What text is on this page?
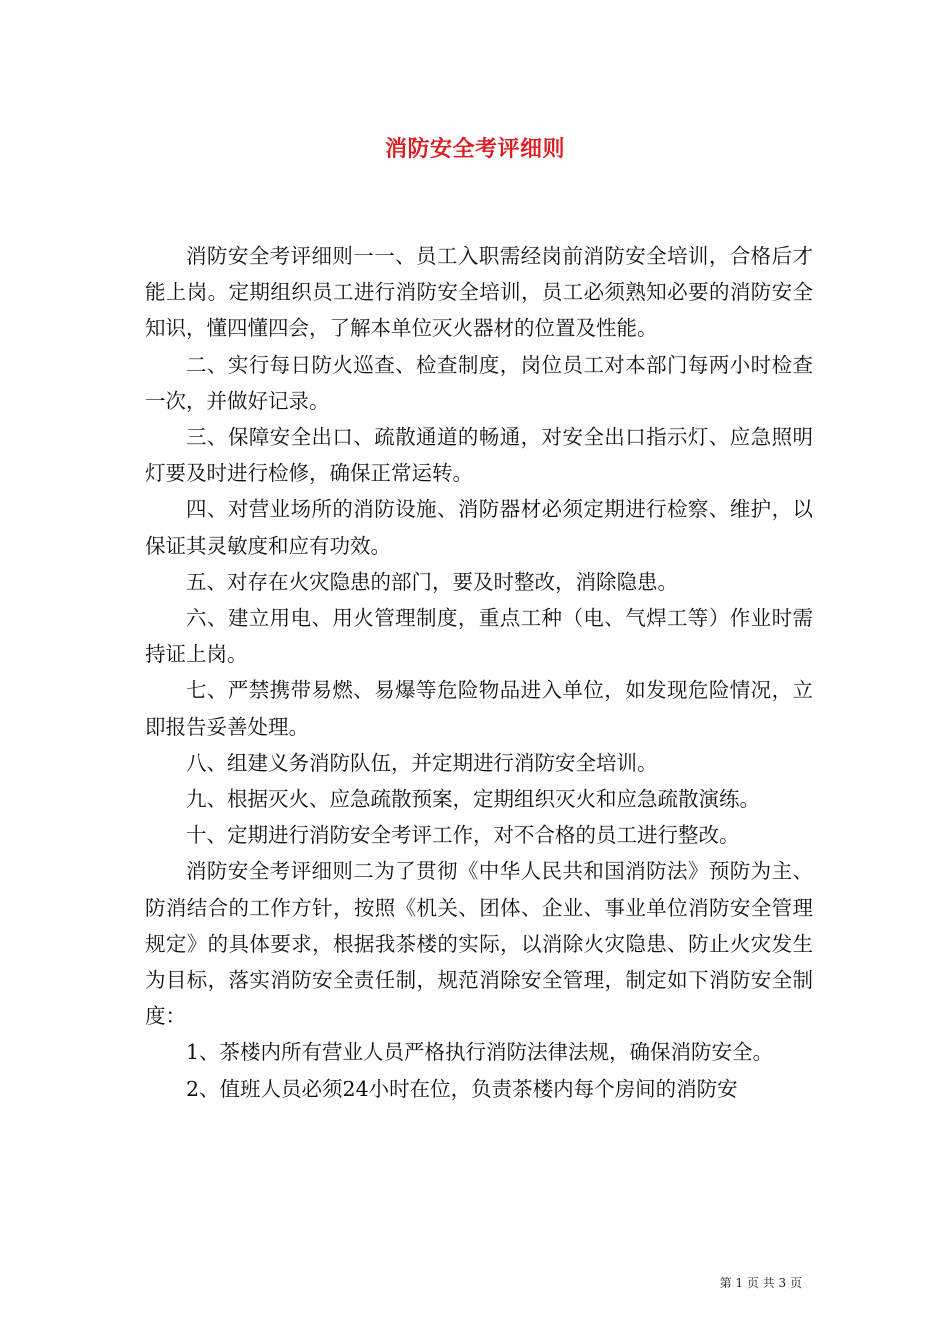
消防安全考评细则

消防安全考评细则一一、员工入职需经岗前消防安全培训，合格后才能上岗。定期组织员工进行消防安全培训，员工必须熟知必要的消防安全知识，懂四懂四会，了解本单位灭火器材的位置及性能。

二、实行每日防火巡查、检查制度，岗位员工对本部门每两小时检查一次，并做好记录。

三、保障安全出口、疏散通道的畅通，对安全出口指示灯、应急照明灯要及时进行检修，确保正常运转。

四、对营业场所的消防设施、消防器材必须定期进行检察、维护，以保证其灵敏度和应有功效。

五、对存在火灾隐患的部门，要及时整改，消除隐患。

六、建立用电、用火管理制度，重点工种（电、气焊工等）作业时需持证上岗。

七、严禁携带易燃、易爆等危险物品进入单位，如发现危险情况，立即报告妥善处理。

八、组建义务消防队伍，并定期进行消防安全培训。

九、根据灭火、应急疏散预案，定期组织灭火和应急疏散演练。

十、定期进行消防安全考评工作，对不合格的员工进行整改。

消防安全考评细则二为了贯彻《中华人民共和国消防法》预防为主、防消结合的工作方针，按照《机关、团体、企业、事业单位消防安全管理规定》的具体要求，根据我茶楼的实际，以消除火灾隐患、防止火灾发生为目标，落实消防安全责任制，规范消除安全管理，制定如下消防安全制度：

1、茶楼内所有营业人员严格执行消防法律法规，确保消防安全。

2、值班人员必须24小时在位，负责茶楼内每个房间的消防安

第 1 页 共 3 页
